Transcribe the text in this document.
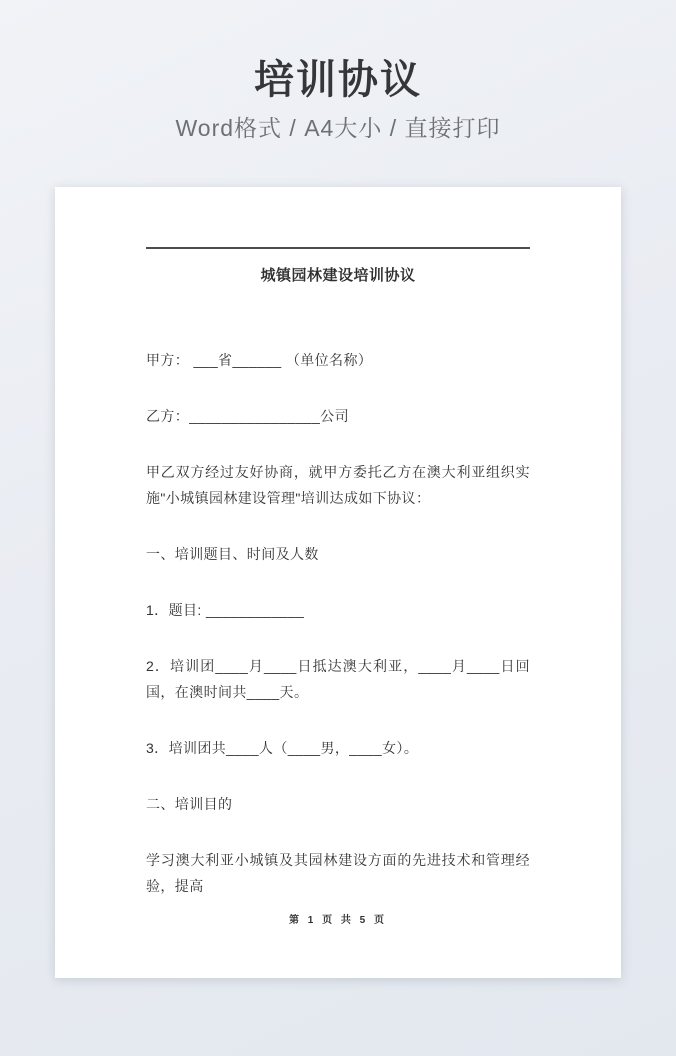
培训协议
Word格式 / A4大小 / 直接打印
城镇园林建设培训协议

甲方： ___省______ （单位名称）

乙方：________________公司

甲乙双方经过友好协商，就甲方委托乙方在澳大利亚组织实施"小城镇园林建设管理"培训达成如下协议：

一、培训题目、时间及人数

1．题目: ____________

2．培训团____月____日抵达澳大利亚，____月____日回国，在澳时间共____天。

3．培训团共____人（____男，____女）。

二、培训目的

学习澳大利亚小城镇及其园林建设方面的先进技术和管理经验，提高

第 1 页 共 5 页
